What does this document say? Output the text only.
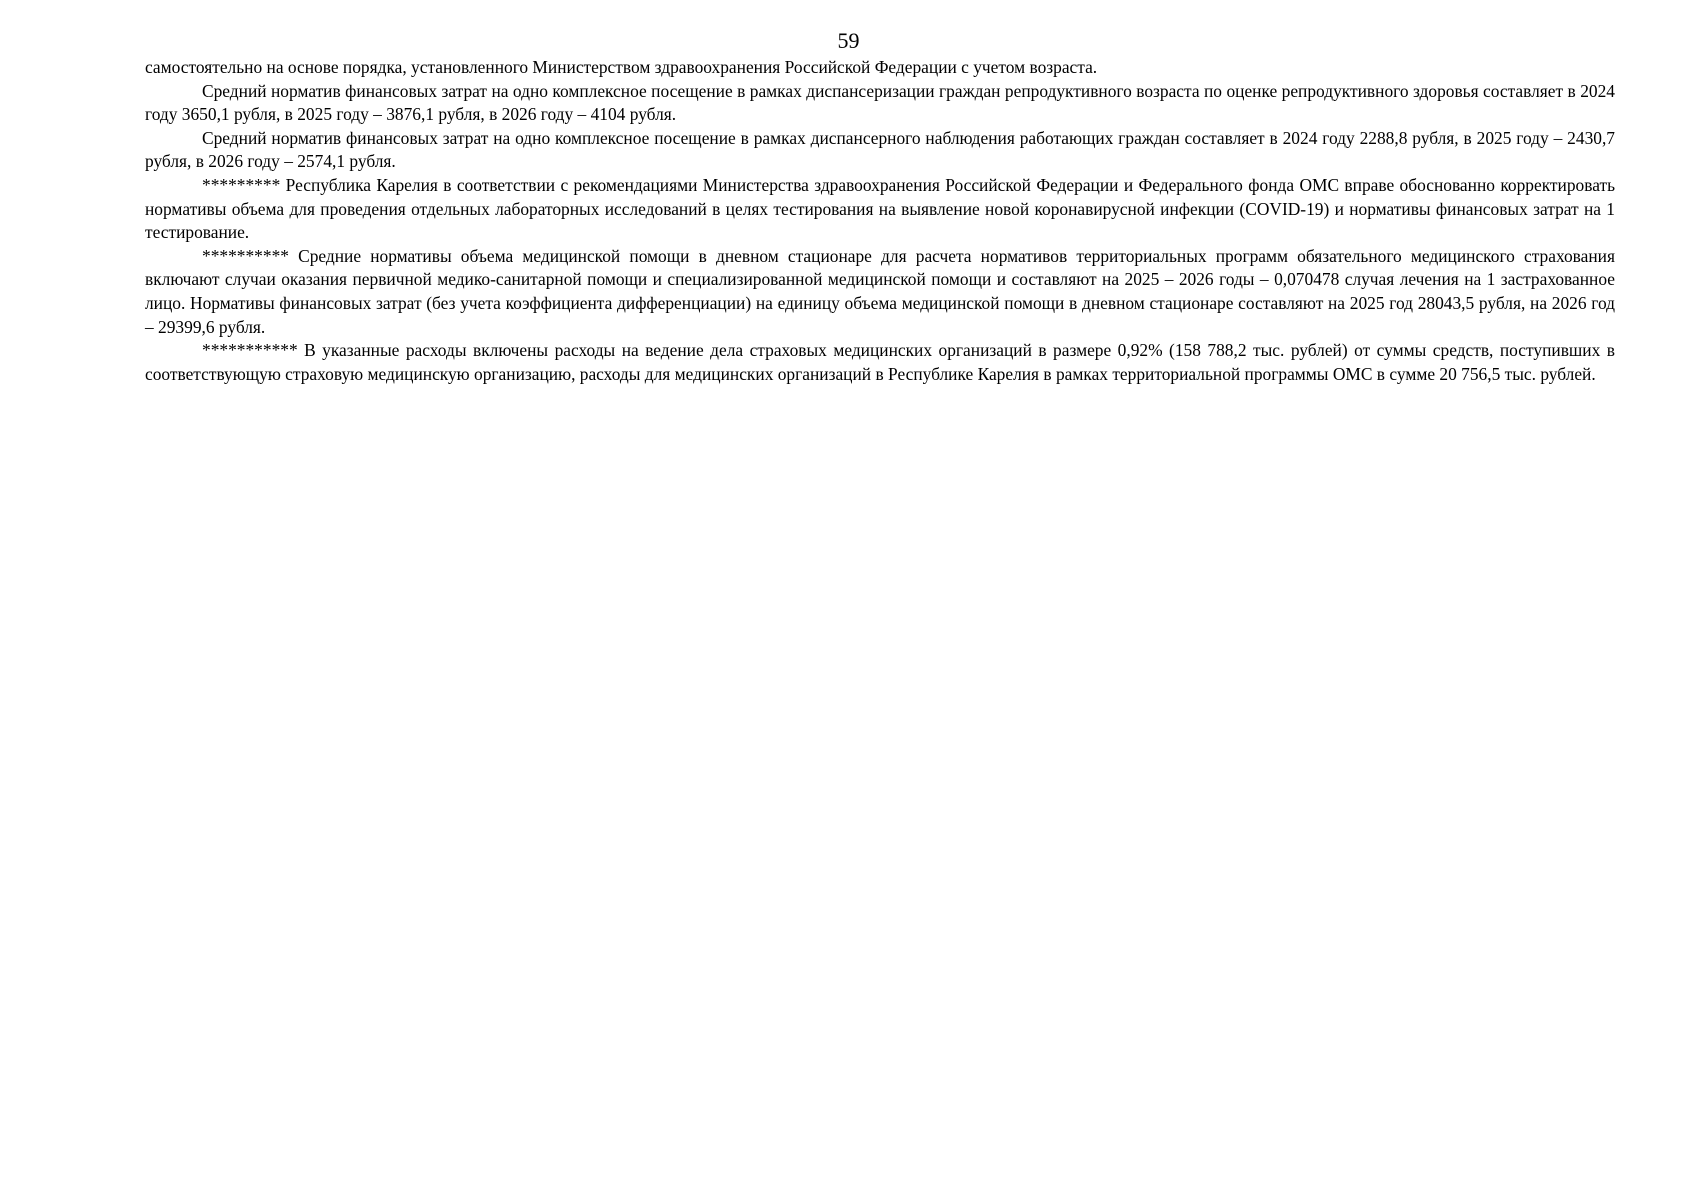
59

самостоятельно на основе порядка, установленного Министерством здравоохранения Российской Федерации с учетом возраста.

Средний норматив финансовых затрат на одно комплексное посещение в рамках диспансеризации граждан репродуктивного возраста по оценке репродуктивного здоровья составляет в 2024 году 3650,1 рубля, в 2025 году – 3876,1 рубля, в 2026 году – 4104 рубля.

Средний норматив финансовых затрат на одно комплексное посещение в рамках диспансерного наблюдения работающих граждан составляет в 2024 году 2288,8 рубля, в 2025 году – 2430,7 рубля, в 2026 году – 2574,1 рубля.

********* Республика Карелия в соответствии с рекомендациями Министерства здравоохранения Российской Федерации и Федерального фонда ОМС вправе обоснованно корректировать нормативы объема для проведения отдельных лабораторных исследований в целях тестирования на выявление новой коронавирусной инфекции (COVID-19) и нормативы финансовых затрат на 1 тестирование.

********** Средние нормативы объема медицинской помощи в дневном стационаре для расчета нормативов территориальных программ обязательного медицинского страхования включают случаи оказания первичной медико-санитарной помощи и специализированной медицинской помощи и составляют на 2025 – 2026 годы – 0,070478 случая лечения на 1 застрахованное лицо. Нормативы финансовых затрат (без учета коэффициента дифференциации) на единицу объема медицинской помощи в дневном стационаре составляют на 2025 год 28043,5 рубля, на 2026 год – 29399,6 рубля.

*********** В указанные расходы включены расходы на ведение дела страховых медицинских организаций в размере 0,92% (158 788,2 тыс. рублей) от суммы средств, поступивших в соответствующую страховую медицинскую организацию, расходы для медицинских организаций в Республике Карелия в рамках территориальной программы ОМС в сумме 20 756,5 тыс. рублей.
